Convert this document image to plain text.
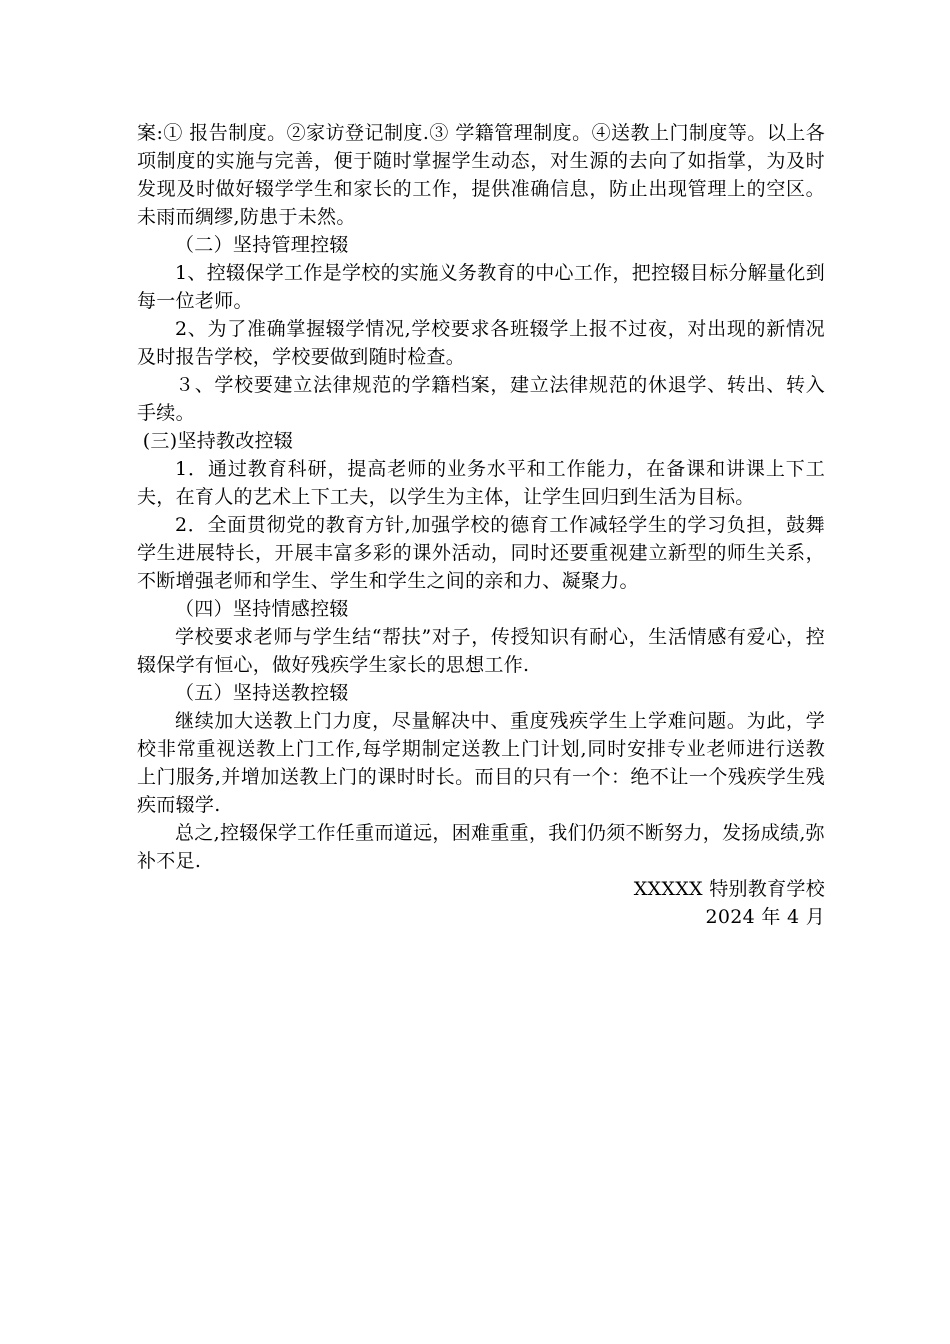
案:① 报告制度。②家访登记制度.③ 学籍管理制度。④送教上门制度等。以上各项制度的实施与完善，便于随时掌握学生动态，对生源的去向了如指掌，为及时发现及时做好辍学学生和家长的工作，提供准确信息，防止出现管理上的空区。未雨而绸缪,防患于未然。

（二）坚持管理控辍

1、控辍保学工作是学校的实施义务教育的中心工作，把控辍目标分解量化到每一位老师。

2、为了准确掌握辍学情况,学校要求各班辍学上报不过夜，对出现的新情况及时报告学校，学校要做到随时检查。

３、学校要建立法律规范的学籍档案，建立法律规范的休退学、转出、转入手续。

(三)坚持教改控辍

1．通过教育科研，提高老师的业务水平和工作能力，在备课和讲课上下工夫，在育人的艺术上下工夫，以学生为主体，让学生回归到生活为目标。

2．全面贯彻党的教育方针,加强学校的德育工作减轻学生的学习负担，鼓舞学生进展特长，开展丰富多彩的课外活动，同时还要重视建立新型的师生关系，不断增强老师和学生、学生和学生之间的亲和力、凝聚力。

（四）坚持情感控辍

学校要求老师与学生结“帮扶”对子，传授知识有耐心，生活情感有爱心，控辍保学有恒心，做好残疾学生家长的思想工作.

（五）坚持送教控辍

继续加大送教上门力度，尽量解决中、重度残疾学生上学难问题。为此，学校非常重视送教上门工作,每学期制定送教上门计划,同时安排专业老师进行送教上门服务,并增加送教上门的课时时长。而目的只有一个：绝不让一个残疾学生残疾而辍学.

总之,控辍保学工作任重而道远，困难重重，我们仍须不断努力，发扬成绩,弥补不足.

XXXXX 特别教育学校

2024 年 4 月
